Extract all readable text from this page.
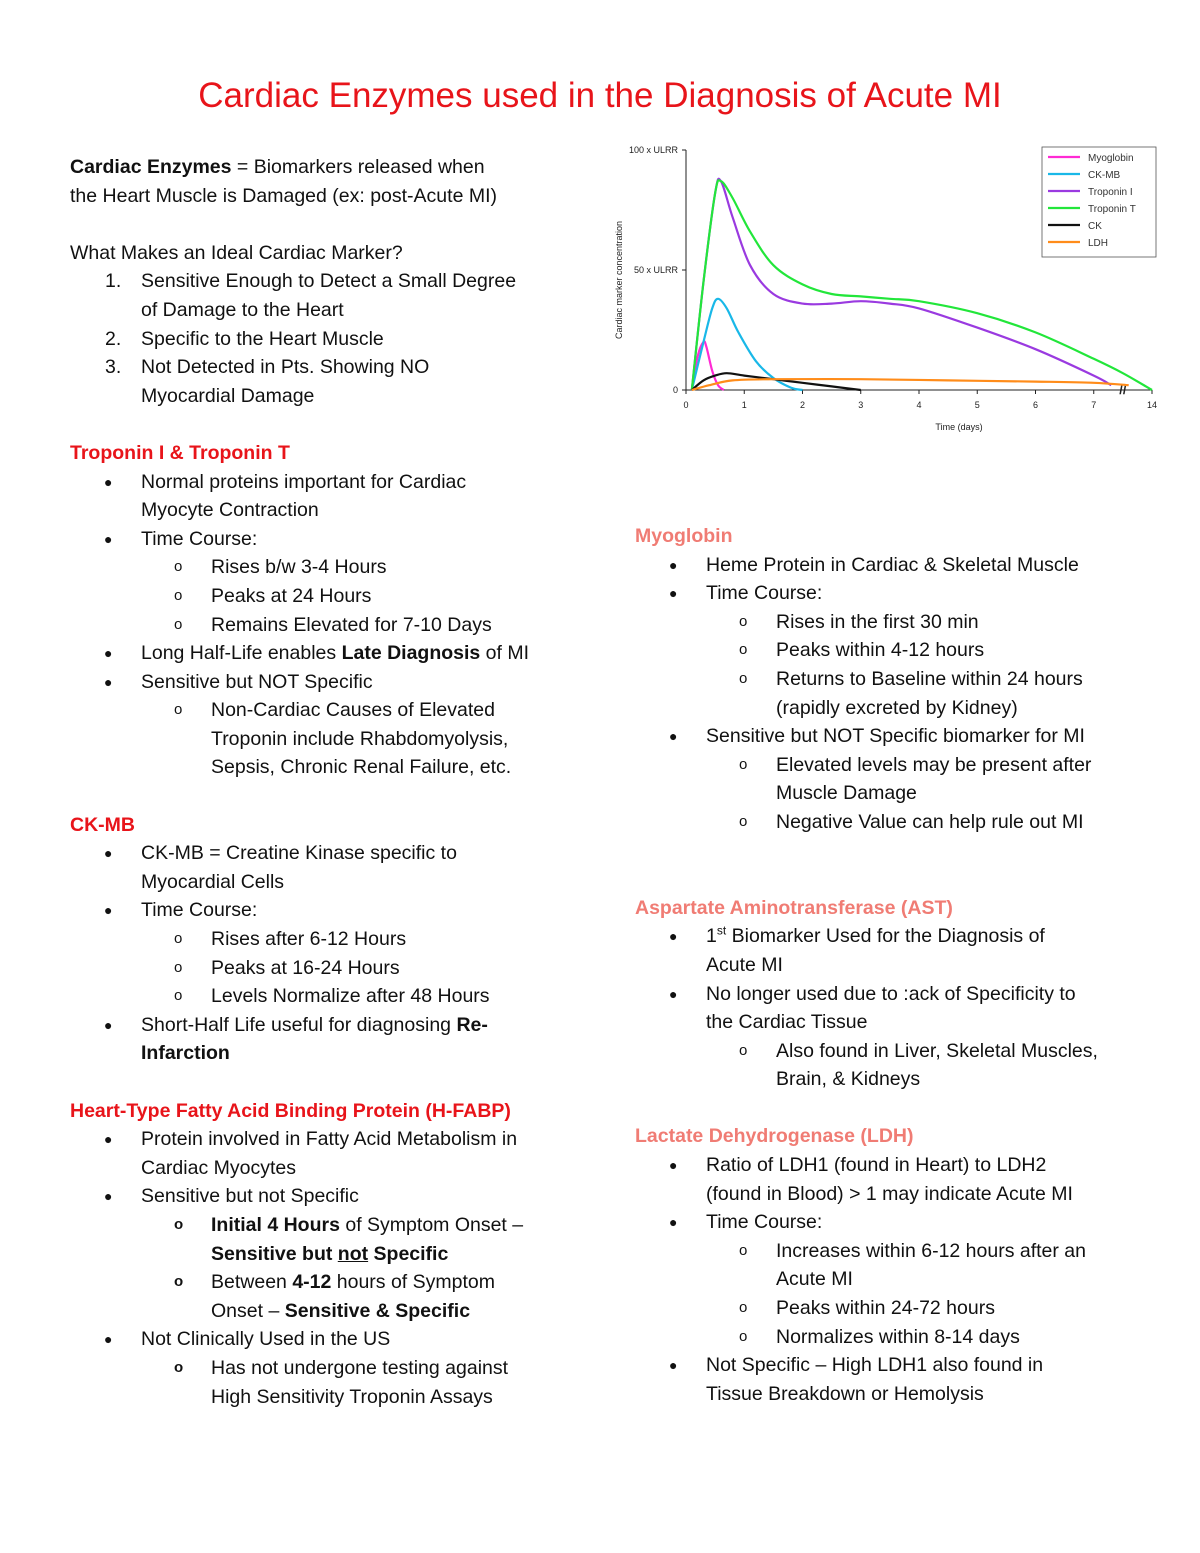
Cardiac Enzymes used in the Diagnosis of Acute MI

Cardiac Enzymes = Biomarkers released when

the Heart Muscle is Damaged (ex: post-Acute MI)

What Makes an Ideal Cardiac Marker?

1.	Sensitive Enough to Detect a Small Degree
of Damage to the Heart
2.	Specific to the Heart Muscle
3.	Not Detected in Pts. Showing NO
Myocardial Damage

Troponin I & Troponin T

●	Normal proteins important for Cardiac
Myocyte Contraction
●	Time Course:
o	Rises b/w 3-4 Hours
o	Peaks at 24 Hours
o	Remains Elevated for 7-10 Days
●	Long Half-Life enables Late Diagnosis of MI
●	Sensitive but NOT Specific
o	Non-Cardiac Causes of Elevated
Troponin include Rhabdomyolysis,
Sepsis, Chronic Renal Failure, etc.

CK-MB

●	CK-MB = Creatine Kinase specific to
Myocardial Cells
●	Time Course:
o	Rises after 6-12 Hours
o	Peaks at 16-24 Hours
o	Levels Normalize after 48 Hours
●	Short-Half Life useful for diagnosing Re-
Infarction

Heart-Type Fatty Acid Binding Protein (H-FABP)

●	Protein involved in Fatty Acid Metabolism in
Cardiac Myocytes
●	Sensitive but not Specific
o	Initial 4 Hours of Symptom Onset –
Sensitive but not Specific
o	Between 4-12 hours of Symptom
Onset – Sensitive & Specific
●	Not Clinically Used in the US
o	Has not undergone testing against
High Sensitivity Troponin Assays
0
50 x ULRR
100 x ULRR
0	1	2	3	4	5	6	7	14
//
Time (days)
Cardiac marker concentration
Myoglobin
CK-MB
Troponin I
Troponin T
CK
LDH

Myoglobin

●	Heme Protein in Cardiac & Skeletal Muscle
●	Time Course:
o	Rises in the first 30 min
o	Peaks within 4-12 hours
o	Returns to Baseline within 24 hours
(rapidly excreted by Kidney)
●	Sensitive but NOT Specific biomarker for MI
o	Elevated levels may be present after
Muscle Damage
o	Negative Value can help rule out MI

Aspartate Aminotransferase (AST)

●	1st Biomarker Used for the Diagnosis of
Acute MI
●	No longer used due to :ack of Specificity to
the Cardiac Tissue
o	Also found in Liver, Skeletal Muscles,
Brain, & Kidneys

Lactate Dehydrogenase (LDH)

●	Ratio of LDH1 (found in Heart) to LDH2
(found in Blood) > 1 may indicate Acute MI
●	Time Course:
o	Increases within 6-12 hours after an
Acute MI
o	Peaks within 24-72 hours
o	Normalizes within 8-14 days
●	Not Specific – High LDH1 also found in
Tissue Breakdown or Hemolysis
